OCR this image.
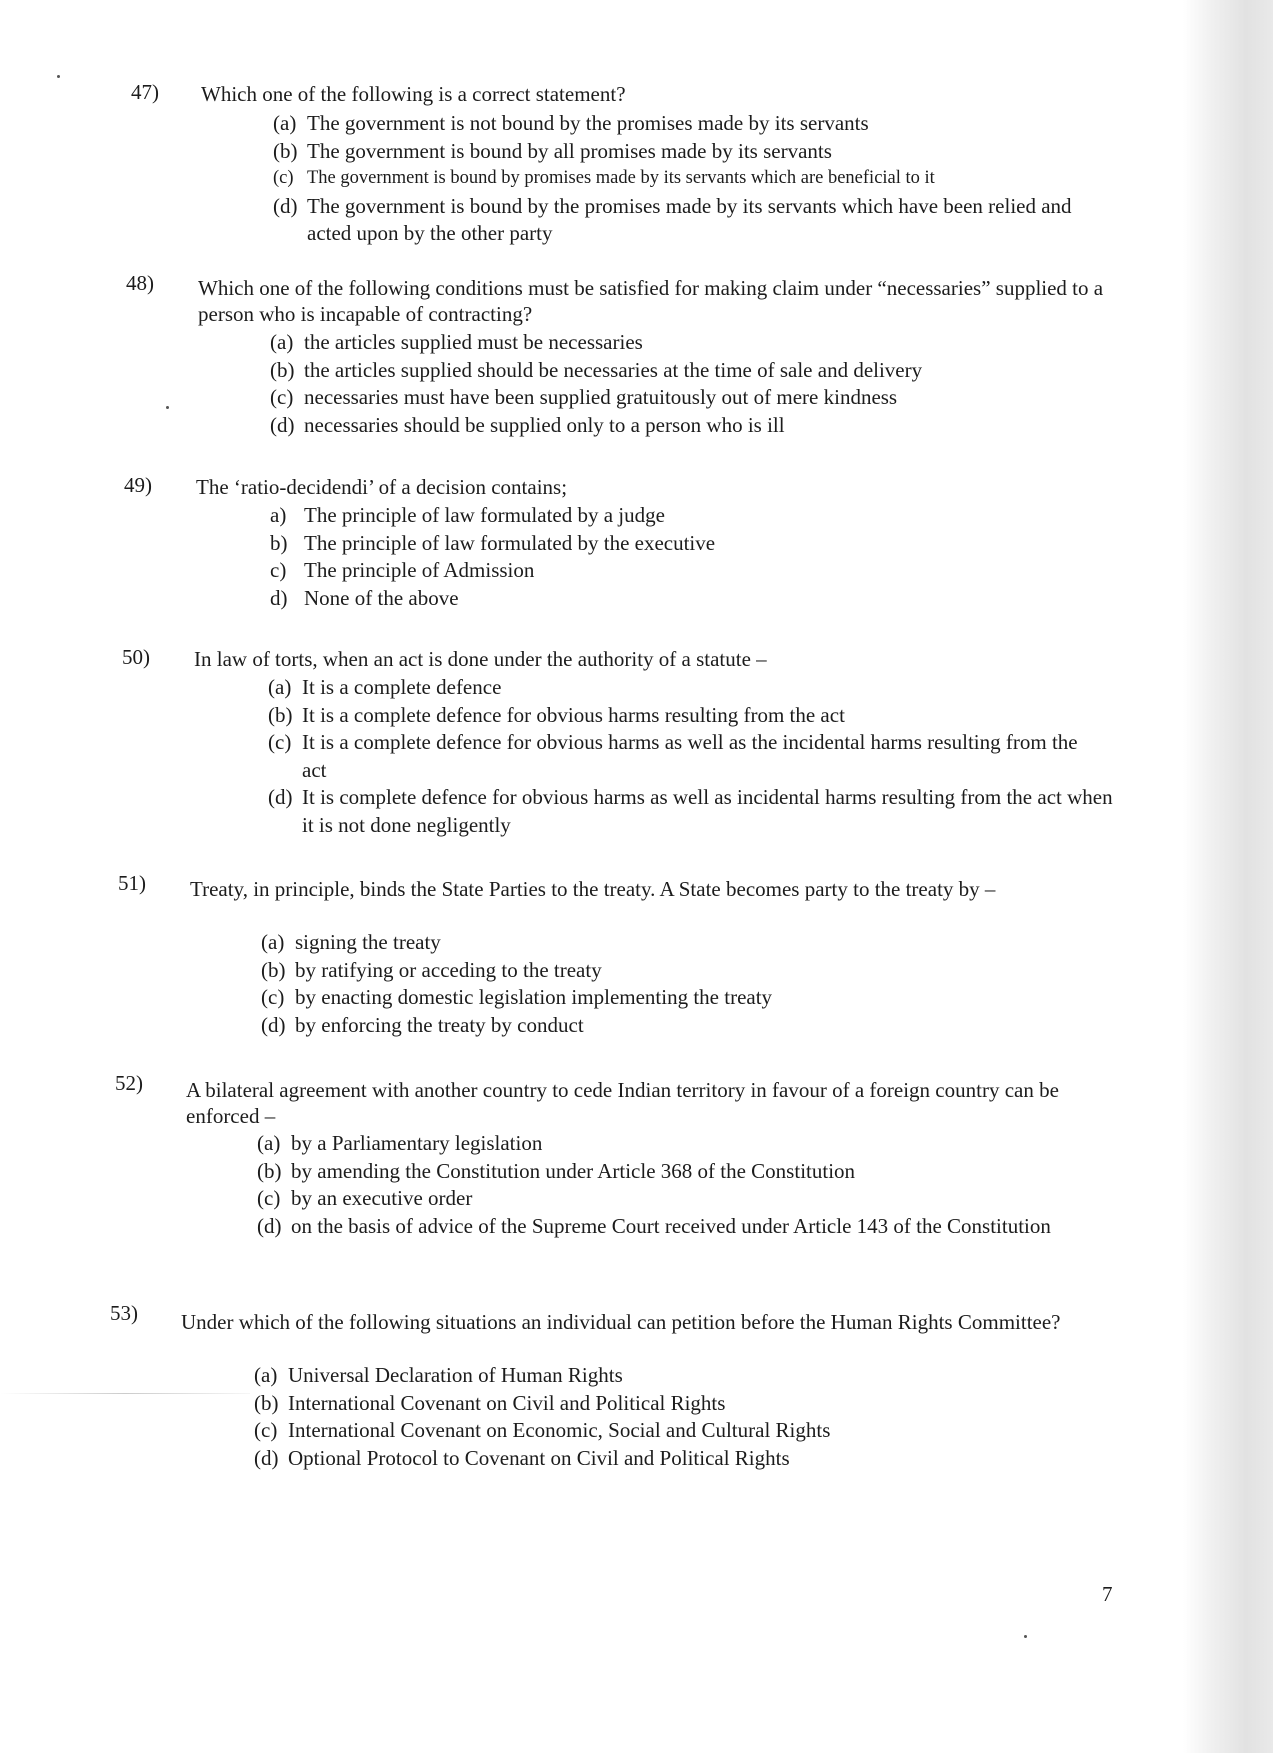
47)	Which one of the following is a correct statement?
(a) The government is not bound by the promises made by its servants
(b) The government is bound by all promises made by its servants
(c) The government is bound by promises made by its servants which are beneficial to it
(d) The government is bound by the promises made by its servants which have been relied and acted upon by the other party
48)	Which one of the following conditions must be satisfied for making claim under “necessaries” supplied to a person who is incapable of contracting?
(a) the articles supplied must be necessaries
(b) the articles supplied should be necessaries at the time of sale and delivery
(c) necessaries must have been supplied gratuitously out of mere kindness
(d) necessaries should be supplied only to a person who is ill
49)	The ‘ratio-decidendi’ of a decision contains;
a) The principle of law formulated by a judge
b) The principle of law formulated by the executive
c) The principle of Admission
d) None of the above
50)	In law of torts, when an act is done under the authority of a statute –
(a) It is a complete defence
(b) It is a complete defence for obvious harms resulting from the act
(c) It is a complete defence for obvious harms as well as the incidental harms resulting from the act
(d) It is complete defence for obvious harms as well as incidental harms resulting from the act when it is not done negligently
51)	Treaty, in principle, binds the State Parties to the treaty. A State becomes party to the treaty by –
(a) signing the treaty
(b) by ratifying or acceding to the treaty
(c) by enacting domestic legislation implementing the treaty
(d) by enforcing the treaty by conduct
52)	A bilateral agreement with another country to cede Indian territory in favour of a foreign country can be enforced –
(a) by a Parliamentary legislation
(b) by amending the Constitution under Article 368 of the Constitution
(c) by an executive order
(d) on the basis of advice of the Supreme Court received under Article 143 of the Constitution
53)	Under which of the following situations an individual can petition before the Human Rights Committee?
(a) Universal Declaration of Human Rights
(b) International Covenant on Civil and Political Rights
(c) International Covenant on Economic, Social and Cultural Rights
(d) Optional Protocol to Covenant on Civil and Political Rights
7
